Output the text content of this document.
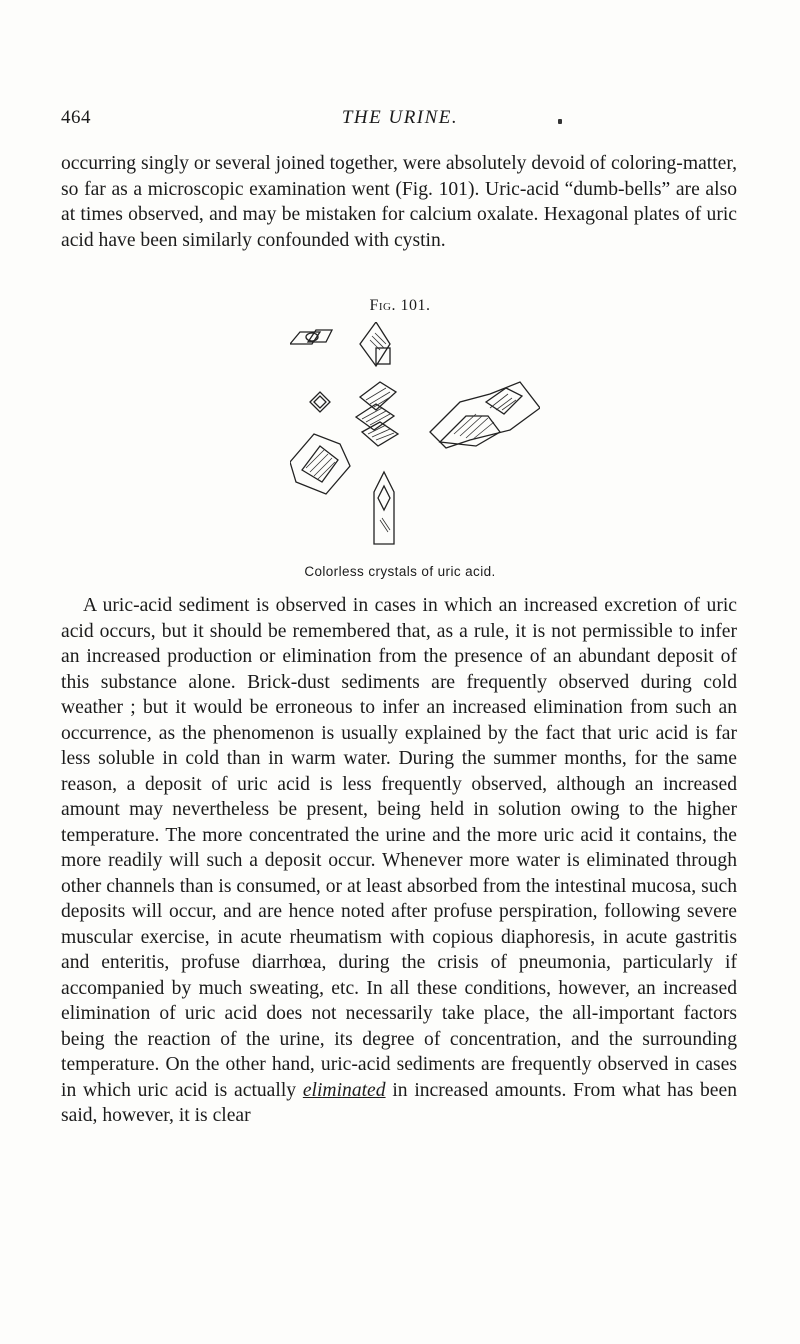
464	THE URINE.

occurring singly or several joined together, were absolutely devoid of coloring-matter, so far as a microscopic examination went (Fig. 101). Uric-acid “dumb-bells” are also at times observed, and may be mistaken for calcium oxalate. Hexagonal plates of uric acid have been similarly confounded with cystin.

Fig. 101.
Colorless crystals of uric acid.

A uric-acid sediment is observed in cases in which an increased excretion of uric acid occurs, but it should be remembered that, as a rule, it is not permissible to infer an increased production or elimination from the presence of an abundant deposit of this substance alone. Brick-dust sediments are frequently observed during cold weather ; but it would be erroneous to infer an increased elimination from such an occurrence, as the phenomenon is usually explained by the fact that uric acid is far less soluble in cold than in warm water. During the summer months, for the same reason, a deposit of uric acid is less frequently observed, although an increased amount may nevertheless be present, being held in solution owing to the higher temperature. The more concentrated the urine and the more uric acid it contains, the more readily will such a deposit occur. Whenever more water is eliminated through other channels than is consumed, or at least absorbed from the intestinal mucosa, such deposits will occur, and are hence noted after profuse perspiration, following severe muscular exercise, in acute rheumatism with copious diaphoresis, in acute gastritis and enteritis, profuse diarrhœa, during the crisis of pneumonia, particularly if accompanied by much sweating, etc. In all these conditions, however, an increased elimination of uric acid does not necessarily take place, the all-important factors being the reaction of the urine, its degree of concentration, and the surrounding temperature. On the other hand, uric-acid sediments are frequently observed in cases in which uric acid is actually eliminated in increased amounts. From what has been said, however, it is clear
